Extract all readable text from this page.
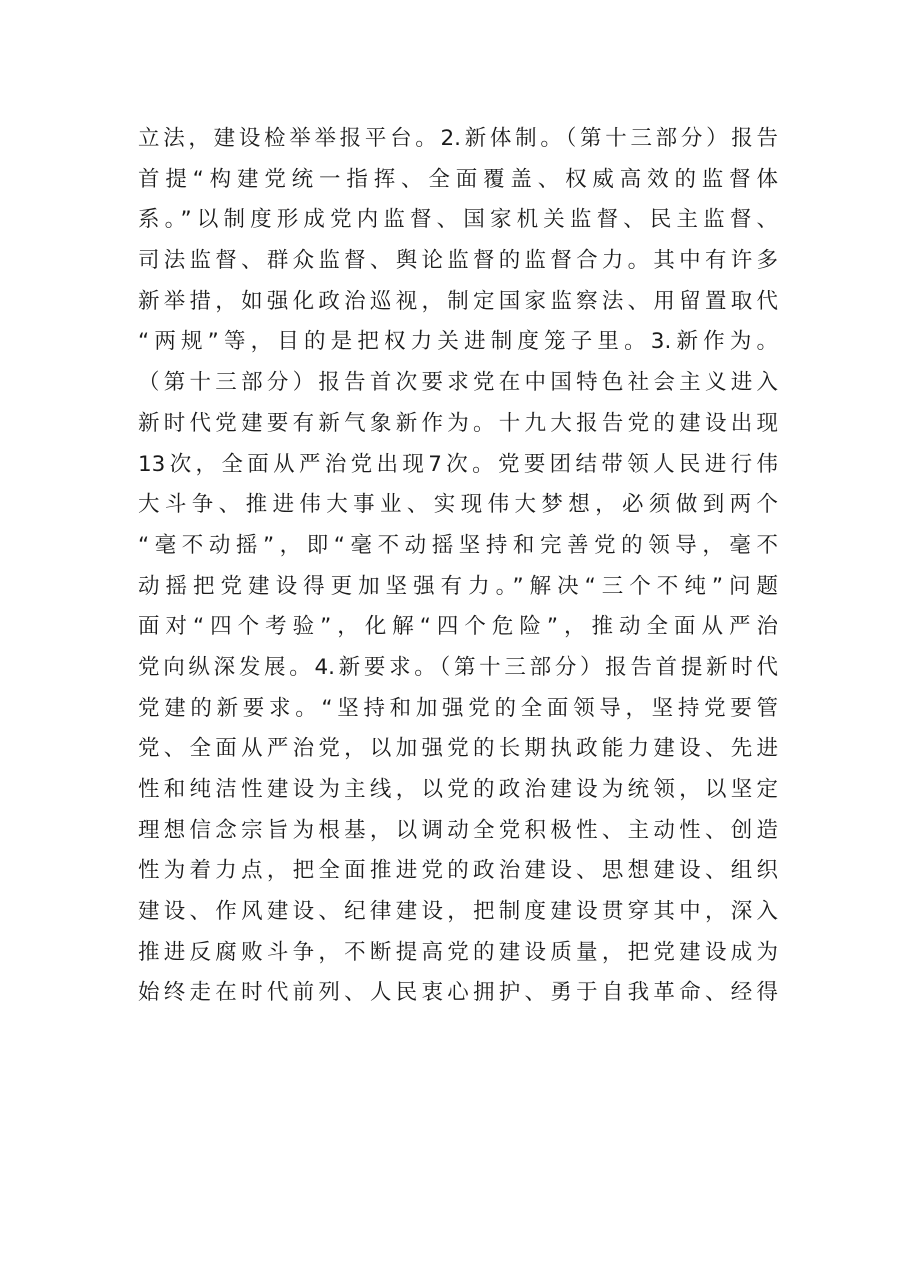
立法，建设检举举报平台。2.新体制。（第十三部分）报告
首提“构建党统一指挥、全面覆盖、权威高效的监督体
系。”以制度形成党内监督、国家机关监督、民主监督、
司法监督、群众监督、舆论监督的监督合力。其中有许多
新举措，如强化政治巡视，制定国家监察法、用留置取代
“两规”等，目的是把权力关进制度笼子里。3.新作为。
（第十三部分）报告首次要求党在中国特色社会主义进入
新时代党建要有新气象新作为。十九大报告党的建设出现
13次，全面从严治党出现7次。党要团结带领人民进行伟
大斗争、推进伟大事业、实现伟大梦想，必须做到两个
“毫不动摇”，即“毫不动摇坚持和完善党的领导，毫不
动摇把党建设得更加坚强有力。”解决“三个不纯”问题
面对“四个考验”，化解“四个危险”，推动全面从严治
党向纵深发展。4.新要求。（第十三部分）报告首提新时代
党建的新要求。“坚持和加强党的全面领导，坚持党要管
党、全面从严治党，以加强党的长期执政能力建设、先进
性和纯洁性建设为主线，以党的政治建设为统领，以坚定
理想信念宗旨为根基，以调动全党积极性、主动性、创造
性为着力点，把全面推进党的政治建设、思想建设、组织
建设、作风建设、纪律建设，把制度建设贯穿其中，深入
推进反腐败斗争，不断提高党的建设质量，把党建设成为
始终走在时代前列、人民衷心拥护、勇于自我革命、经得
